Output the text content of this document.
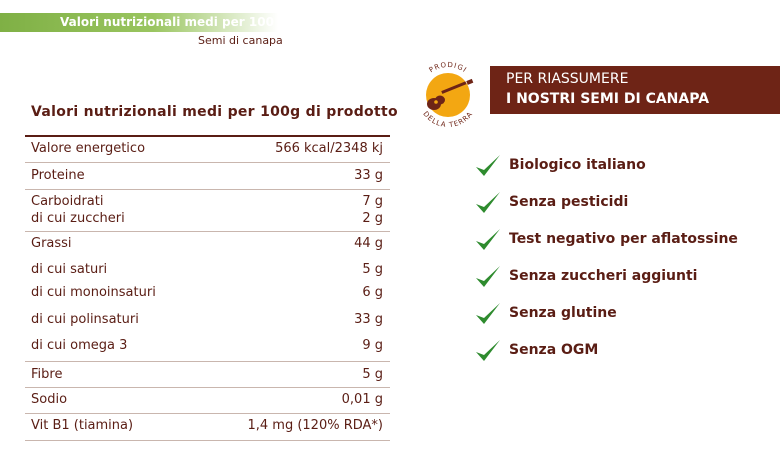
Valori nutrizionali medi per 100 g di
Semi di canapa
Valori nutrizionali medi per 100g di prodotto
Valore energetico	566 kcal/2348 kj
Proteine	33 g
Carboidrati	7 g
di cui zuccheri	2 g
Grassi	44 g
di cui saturi	5 g
di cui monoinsaturi	6 g
di cui polinsaturi	33 g
di cui omega 3	9 g
Fibre	5 g
Sodio	0,01 g
Vit B1 (tiamina)	1,4 mg (120% RDA*)
PRODIGI
DELLA TERRA
PER RIASSUMERE
I NOSTRI SEMI DI CANAPA
Biologico italiano
Senza pesticidi
Test negativo per aflatossine
Senza zuccheri aggiunti
Senza glutine
Senza OGM
